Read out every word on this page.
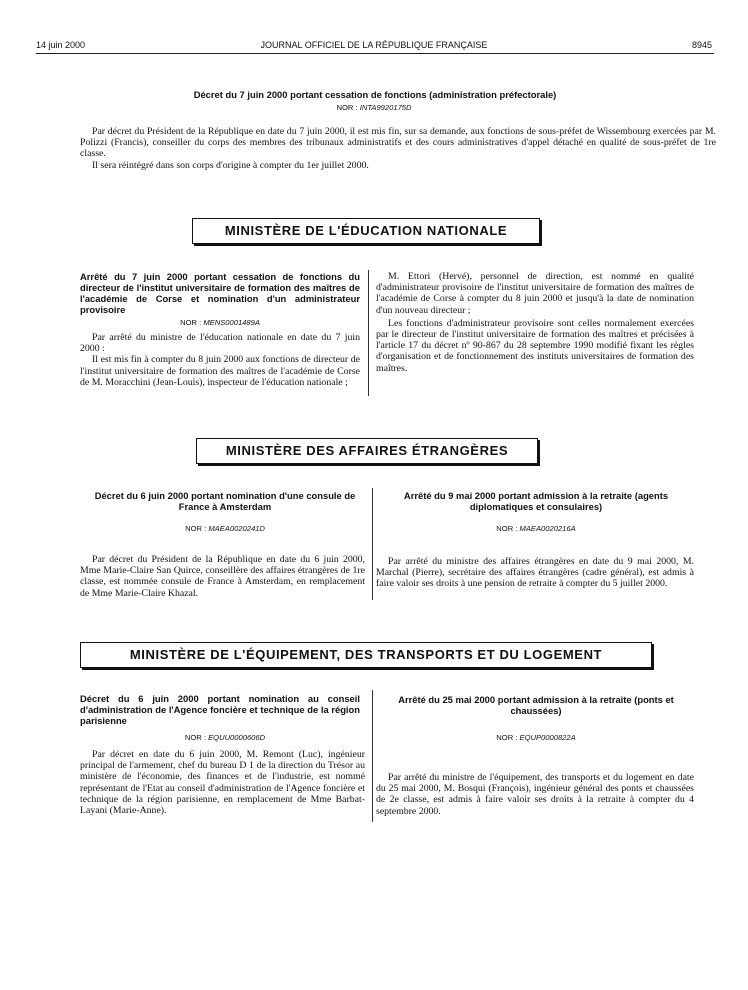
14 juin 2000	JOURNAL OFFICIEL DE LA RÉPUBLIQUE FRANÇAISE	8945
Décret du 7 juin 2000 portant cessation de fonctions (administration préfectorale)
NOR : INTA9920175D

Par décret du Président de la République en date du 7 juin 2000, il est mis fin, sur sa demande, aux fonctions de sous-préfet de Wissembourg exercées par M. Polizzi (Francis), conseiller du corps des membres des tribunaux administratifs et des cours administratives d'appel détaché en qualité de sous-préfet de 1re classe.

Il sera réintégré dans son corps d'origine à compter du 1er juillet 2000.

MINISTÈRE DE L'ÉDUCATION NATIONALE
Arrêté du 7 juin 2000 portant cessation de fonctions du directeur de l'institut universitaire de formation des maîtres de l'académie de Corse et nomination d'un administrateur provisoire
NOR : MENS0001489A

Par arrêté du ministre de l'éducation nationale en date du 7 juin 2000 :

Il est mis fin à compter du 8 juin 2000 aux fonctions de directeur de l'institut universitaire de formation des maîtres de l'académie de Corse de M. Moracchini (Jean-Louis), inspecteur de l'éducation nationale ;

M. Ettori (Hervé), personnel de direction, est nommé en qualité d'administrateur provisoire de l'institut universitaire de formation des maîtres de l'académie de Corse à compter du 8 juin 2000 et jusqu'à la date de nomination d'un nouveau directeur ;

Les fonctions d'administrateur provisoire sont celles normalement exercées par le directeur de l'institut universitaire de formation des maîtres et précisées à l'article 17 du décret nº 90-867 du 28 septembre 1990 modifié fixant les règles d'organisation et de fonctionnement des instituts universitaires de formation des maîtres.

MINISTÈRE DES AFFAIRES ÉTRANGÈRES
Décret du 6 juin 2000 portant nomination d'une consule de France à Amsterdam
NOR : MAEA0020241D

Par décret du Président de la République en date du 6 juin 2000, Mme Marie-Claire San Quirce, conseillère des affaires étrangères de 1re classe, est nommée consule de France à Amsterdam, en remplacement de Mme Marie-Claire Khazal.

Arrêté du 9 mai 2000 portant admission à la retraite (agents diplomatiques et consulaires)
NOR : MAEA0020216A

Par arrêté du ministre des affaires étrangères en date du 9 mai 2000, M. Marchal (Pierre), secrétaire des affaires étrangères (cadre général), est admis à faire valoir ses droits à une pension de retraite à compter du 5 juillet 2000.

MINISTÈRE DE L'ÉQUIPEMENT, DES TRANSPORTS ET DU LOGEMENT
Décret du 6 juin 2000 portant nomination au conseil d'administration de l'Agence foncière et technique de la région parisienne
NOR : EQUU0000606D

Par décret en date du 6 juin 2000, M. Remont (Luc), ingénieur principal de l'armement, chef du bureau D 1 de la direction du Trésor au ministère de l'économie, des finances et de l'industrie, est nommé représentant de l'Etat au conseil d'administration de l'Agence foncière et technique de la région parisienne, en remplacement de Mme Barbat-Layani (Marie-Anne).

Arrêté du 25 mai 2000 portant admission à la retraite (ponts et chaussées)
NOR : EQUP0000822A

Par arrêté du ministre de l'équipement, des transports et du logement en date du 25 mai 2000, M. Bosqui (François), ingénieur général des ponts et chaussées de 2e classe, est admis à faire valoir ses droits à la retraite à compter du 4 septembre 2000.
